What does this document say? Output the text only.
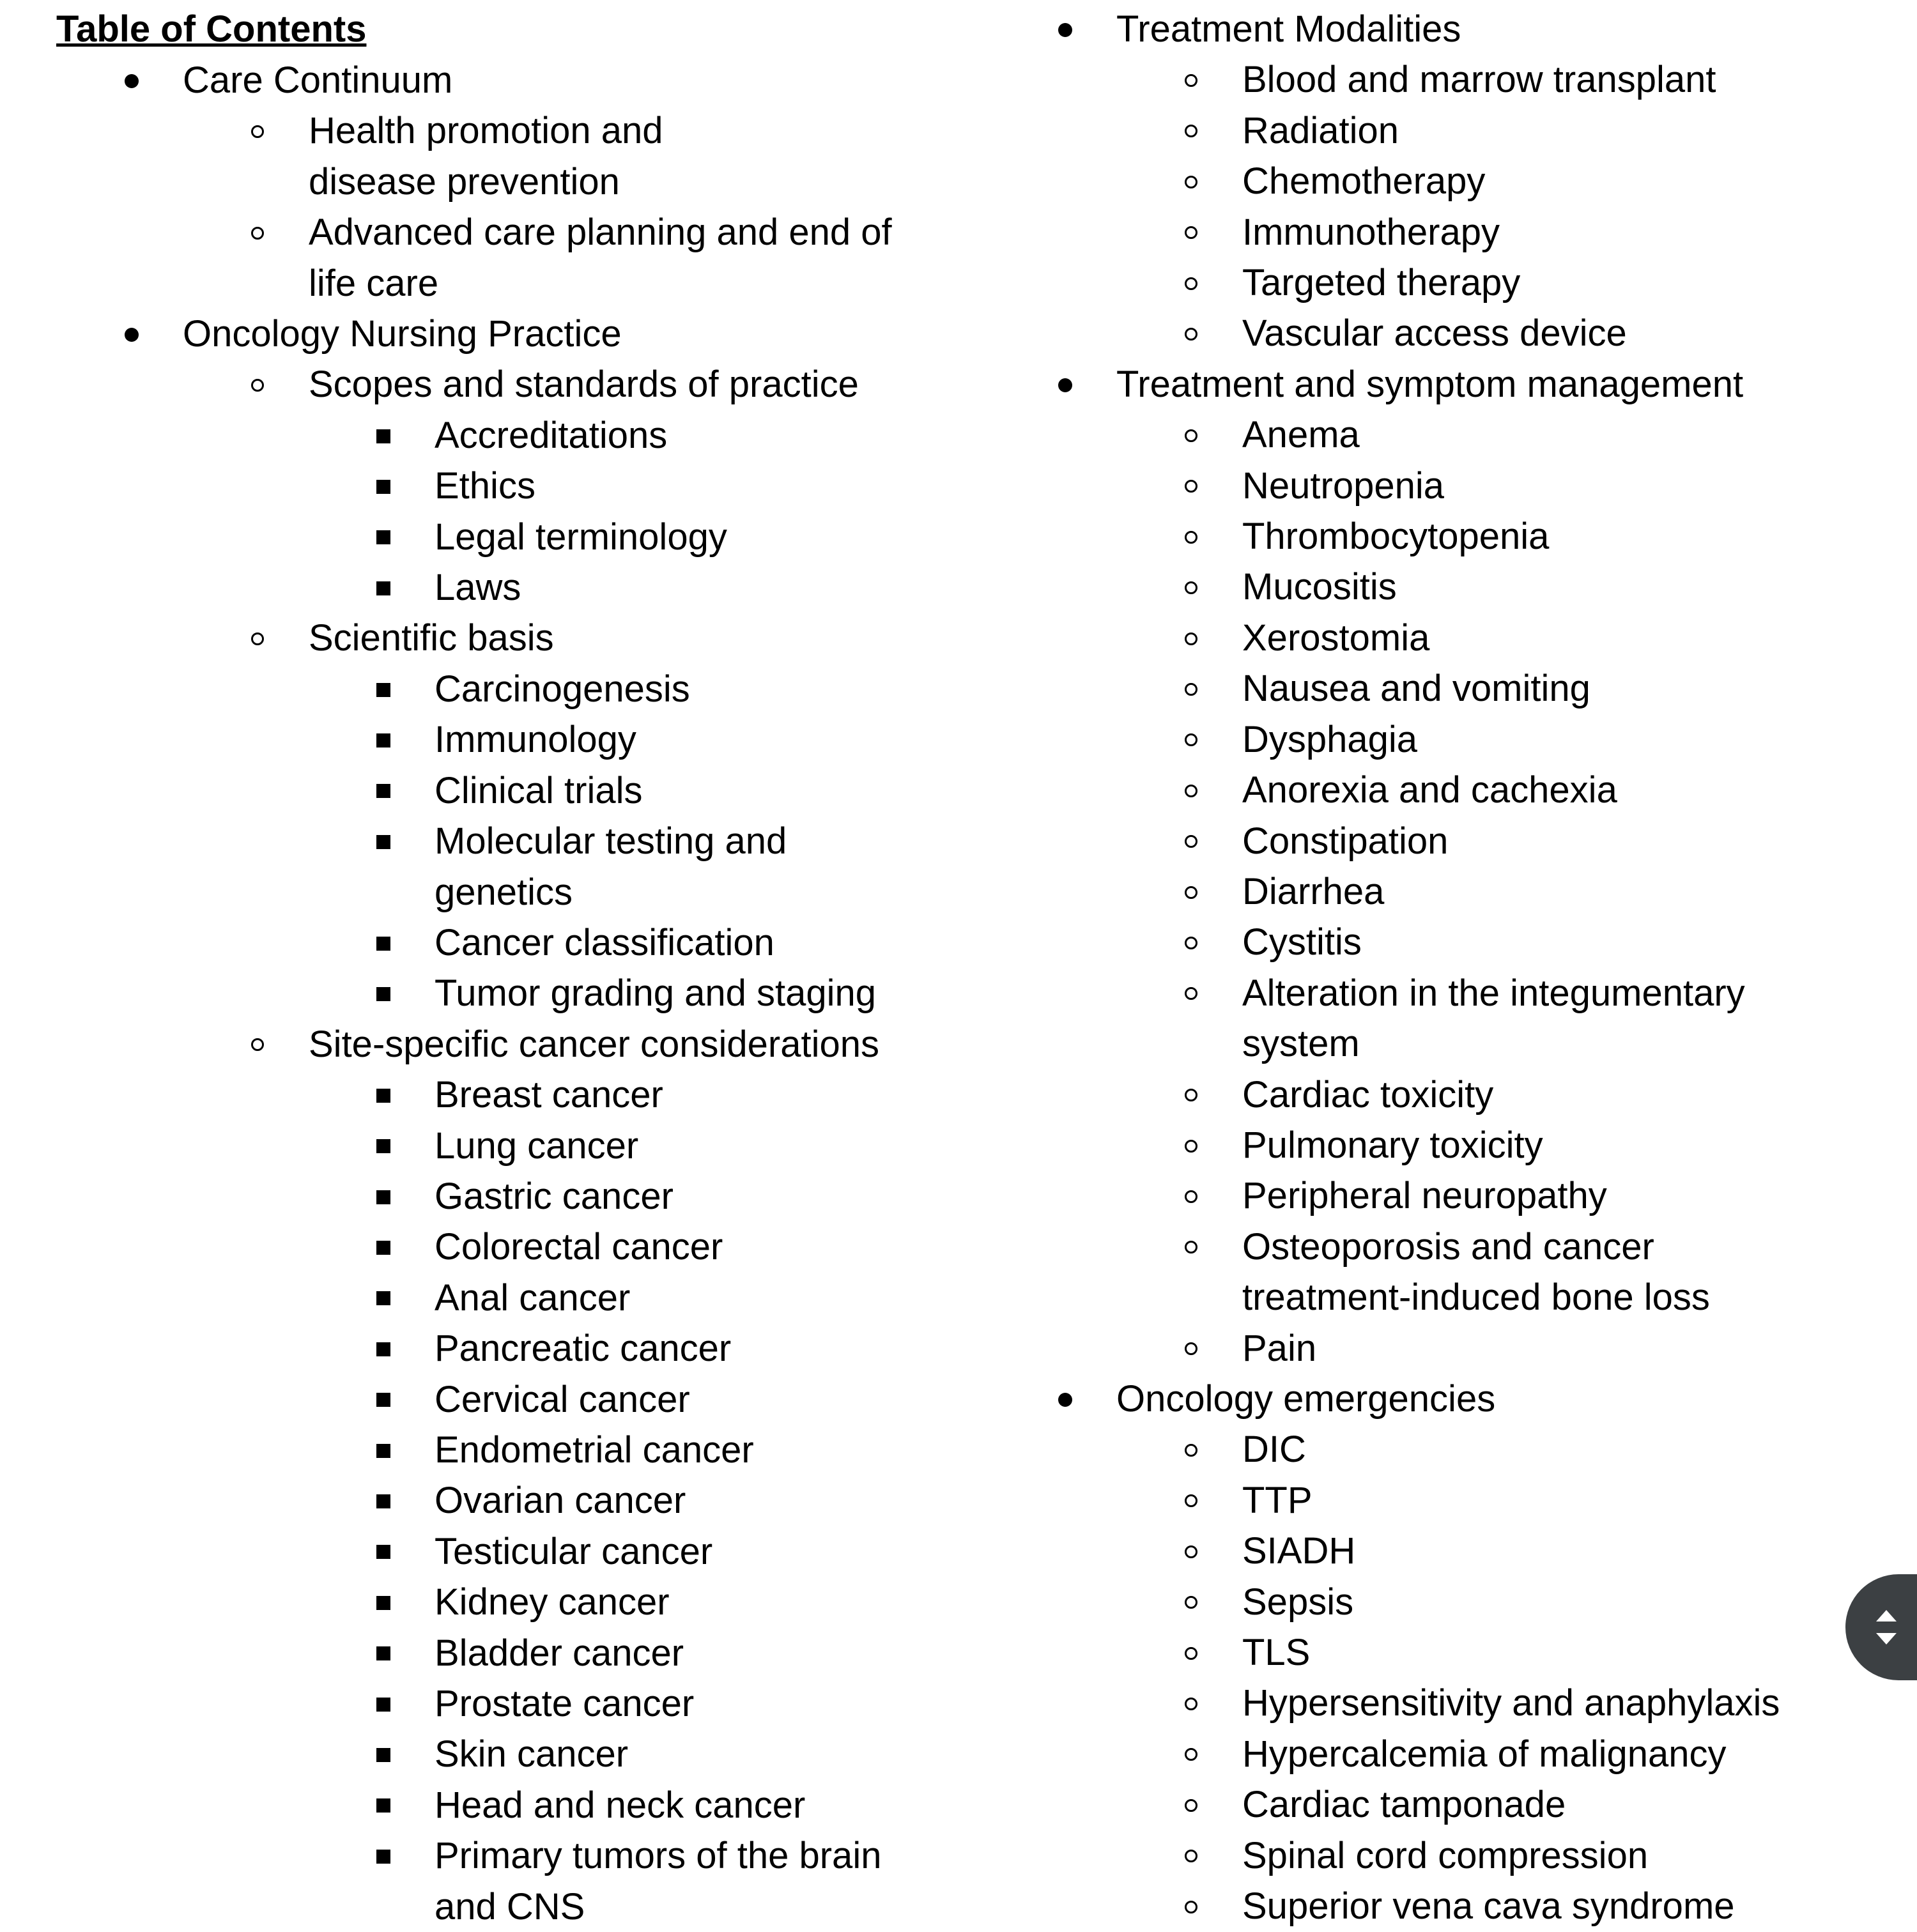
Table of Contents
Care Continuum
Health promotion and disease prevention
Advanced care planning and end of life care
Oncology Nursing Practice
Scopes and standards of practice
Accreditations
Ethics
Legal terminology
Laws
Scientific basis
Carcinogenesis
Immunology
Clinical trials
Molecular testing and genetics
Cancer classification
Tumor grading and staging
Site-specific cancer considerations
Breast cancer
Lung cancer
Gastric cancer
Colorectal cancer
Anal cancer
Pancreatic cancer
Cervical cancer
Endometrial cancer
Ovarian cancer
Testicular cancer
Kidney cancer
Bladder cancer
Prostate cancer
Skin cancer
Head and neck cancer
Primary tumors of the brain and CNS
Treatment Modalities
Blood and marrow transplant
Radiation
Chemotherapy
Immunotherapy
Targeted therapy
Vascular access device
Treatment and symptom management
Anema
Neutropenia
Thrombocytopenia
Mucositis
Xerostomia
Nausea and vomiting
Dysphagia
Anorexia and cachexia
Constipation
Diarrhea
Cystitis
Alteration in the integumentary system
Cardiac toxicity
Pulmonary toxicity
Peripheral neuropathy
Osteoporosis and cancer treatment-induced bone loss
Pain
Oncology emergencies
DIC
TTP
SIADH
Sepsis
TLS
Hypersensitivity and anaphylaxis
Hypercalcemia of malignancy
Cardiac tamponade
Spinal cord compression
Superior vena cava syndrome
